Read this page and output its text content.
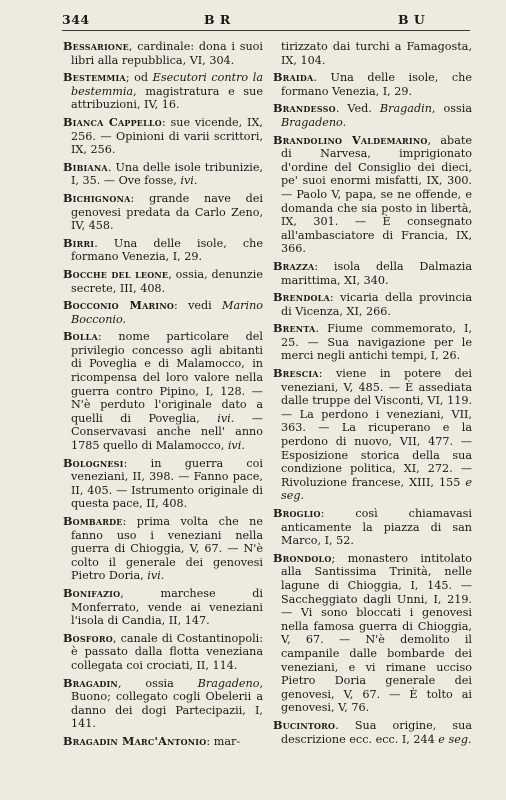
344	B R	B U
Bessarione, cardinale: dona i suoi libri alla repubblica, VI, 304.
Bestemmia; od Esecutori contro la bestemmia, magistratura e sue attribuzioni, IV, 16.
Bianca Cappello: sue vicende, IX, 256. — Opinioni di varii scrittori, IX, 256.
Bibiana. Una delle isole tribunizie, I, 35. — Ove fosse, ivi.
Bichignona: grande nave dei genovesi predata da Carlo Zeno, IV, 458.
Birri. Una delle isole, che formano Venezia, I, 29.
Bocche del leone, ossia, denunzie secrete, III, 408.
Bocconio Marino: vedi Marino Bocconio.
Bolla: nome particolare del privilegio concesso agli abitanti di Poveglia e di Malamocco, in ricompensa del loro valore nella guerra contro Pipino, I, 128. — N'è perduto l'originale dato a quelli di Poveglia, ivi. — Conservavasi anche nell' anno 1785 quello di Malamocco, ivi.
Bolognesi: in guerra coi veneziani, II, 398. — Fanno pace, II, 405. — Istrumento originale di questa pace, II, 408.
Bombarde: prima volta che ne fanno uso i veneziani nella guerra di Chioggia, V, 67. — N'è colto il generale dei genovesi Pietro Doria, ivi.
Bonifazio, marchese di Monferrato, vende ai veneziani l'isola di Candia, II, 147.
Bosforo, canale di Costantinopoli: è passato dalla flotta veneziana collegata coi crociati, II, 114.
Bragadin, ossia Bragadeno, Buono; collegato cogli Obelerii a danno dei dogi Partecipazii, I, 141.
Bragadin Marc'Antonio: mar-
tirizzato dai turchi a Famagosta, IX, 104.
Braida. Una delle isole, che formano Venezia, I, 29.
Brandesso. Ved. Bragadin, ossia Bragadeno.
Brandolino Valdemarino, abate di Narvesa, imprigionato d'ordine del Consiglio dei dieci, pe' suoi enormi misfatti, IX, 300. — Paolo V, papa, se ne offende, e domanda che sia posto in libertà, IX, 301. — È consegnato all'ambasciatore di Francia, IX, 366.
Brazza: isola della Dalmazia marittima, XI, 340.
Brendola: vicaria della provincia di Vicenza, XI, 266.
Brenta. Fiume commemorato, I, 25. — Sua navigazione per le merci negli antichi tempi, I, 26.
Brescia: viene in potere dei veneziani, V, 485. — È assediata dalle truppe del Visconti, VI, 119. — La perdono i veneziani, VII, 363. — La ricuperano e la perdono di nuovo, VII, 477. — Esposizione storica della sua condizione politica, XI, 272. — Rivoluzione francese, XIII, 155 e seg.
Broglio: così chiamavasi anticamente la piazza di san Marco, I, 52.
Brondolo; monastero intitolato alla Santissima Trinità, nelle lagune di Chioggia, I, 145. — Saccheggiato dagli Unni, I, 219. — Vi sono bloccati i genovesi nella famosa guerra di Chioggia, V, 67. — N'è demolito il campanile dalle bombarde dei veneziani, e vi rimane ucciso Pietro Doria generale dei genovesi, V, 67. — È tolto ai genovesi, V, 76.
Bucintoro. Sua origine, sua descrizione ecc. ecc. I, 244 e seg.
